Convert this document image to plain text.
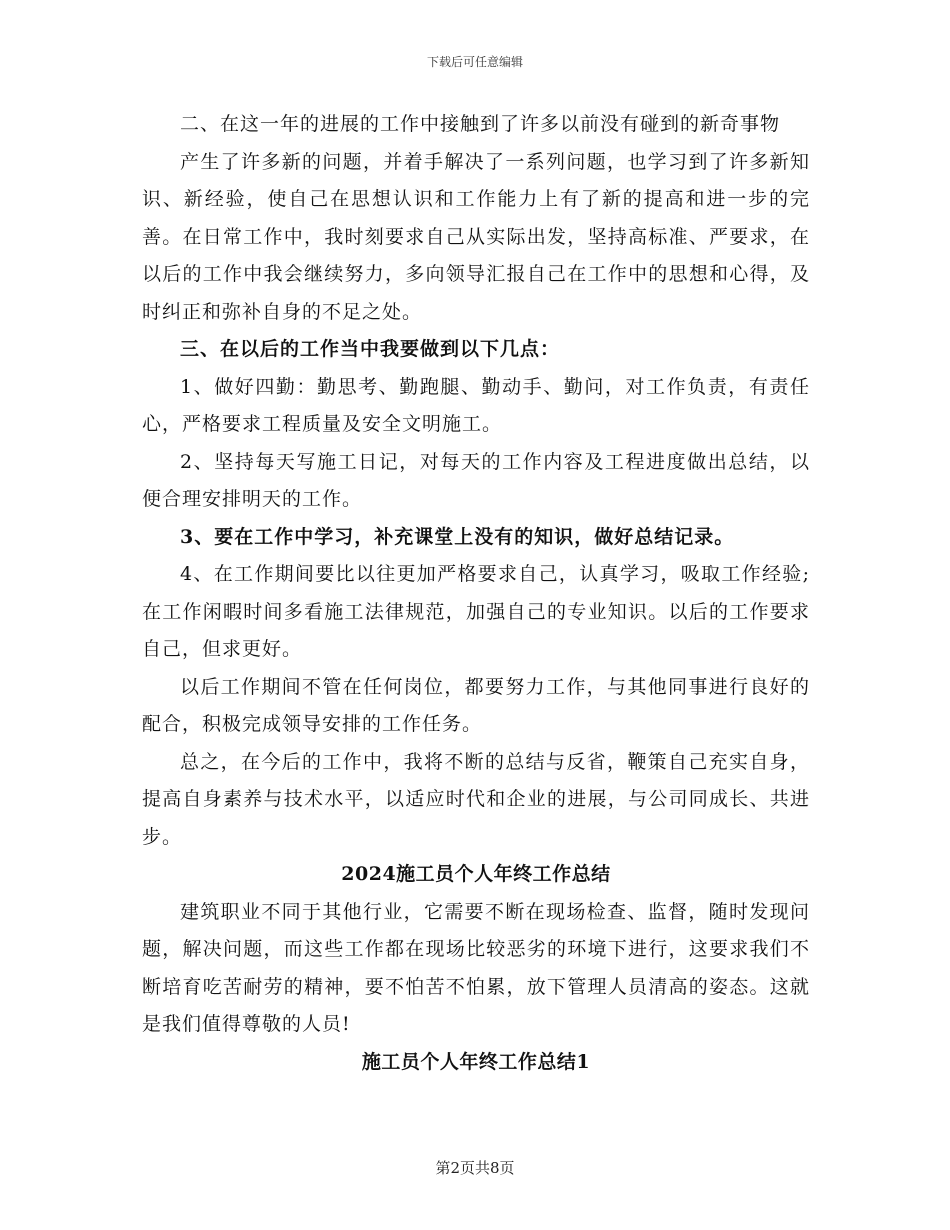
下载后可任意编辑

二、在这一年的进展的工作中接触到了许多以前没有碰到的新奇事物

产生了许多新的问题，并着手解决了一系列问题，也学习到了许多新知识、新经验，使自己在思想认识和工作能力上有了新的提高和进一步的完善。在日常工作中，我时刻要求自己从实际出发，坚持高标准、严要求，在以后的工作中我会继续努力，多向领导汇报自己在工作中的思想和心得，及时纠正和弥补自身的不足之处。

三、在以后的工作当中我要做到以下几点：

1、做好四勤：勤思考、勤跑腿、勤动手、勤问，对工作负责，有责任心，严格要求工程质量及安全文明施工。

2、坚持每天写施工日记，对每天的工作内容及工程进度做出总结，以便合理安排明天的工作。

3、要在工作中学习，补充课堂上没有的知识，做好总结记录。

4、在工作期间要比以往更加严格要求自己，认真学习，吸取工作经验;在工作闲暇时间多看施工法律规范，加强自己的专业知识。以后的工作要求自己，但求更好。

以后工作期间不管在任何岗位，都要努力工作，与其他同事进行良好的配合，积极完成领导安排的工作任务。

总之，在今后的工作中，我将不断的总结与反省，鞭策自己充实自身，提高自身素养与技术水平，以适应时代和企业的进展，与公司同成长、共进步。

2024施工员个人年终工作总结

建筑职业不同于其他行业，它需要不断在现场检查、监督，随时发现问题，解决问题，而这些工作都在现场比较恶劣的环境下进行，这要求我们不断培育吃苦耐劳的精神，要不怕苦不怕累，放下管理人员清高的姿态。这就是我们值得尊敬的人员!

施工员个人年终工作总结1
第2页共8页
